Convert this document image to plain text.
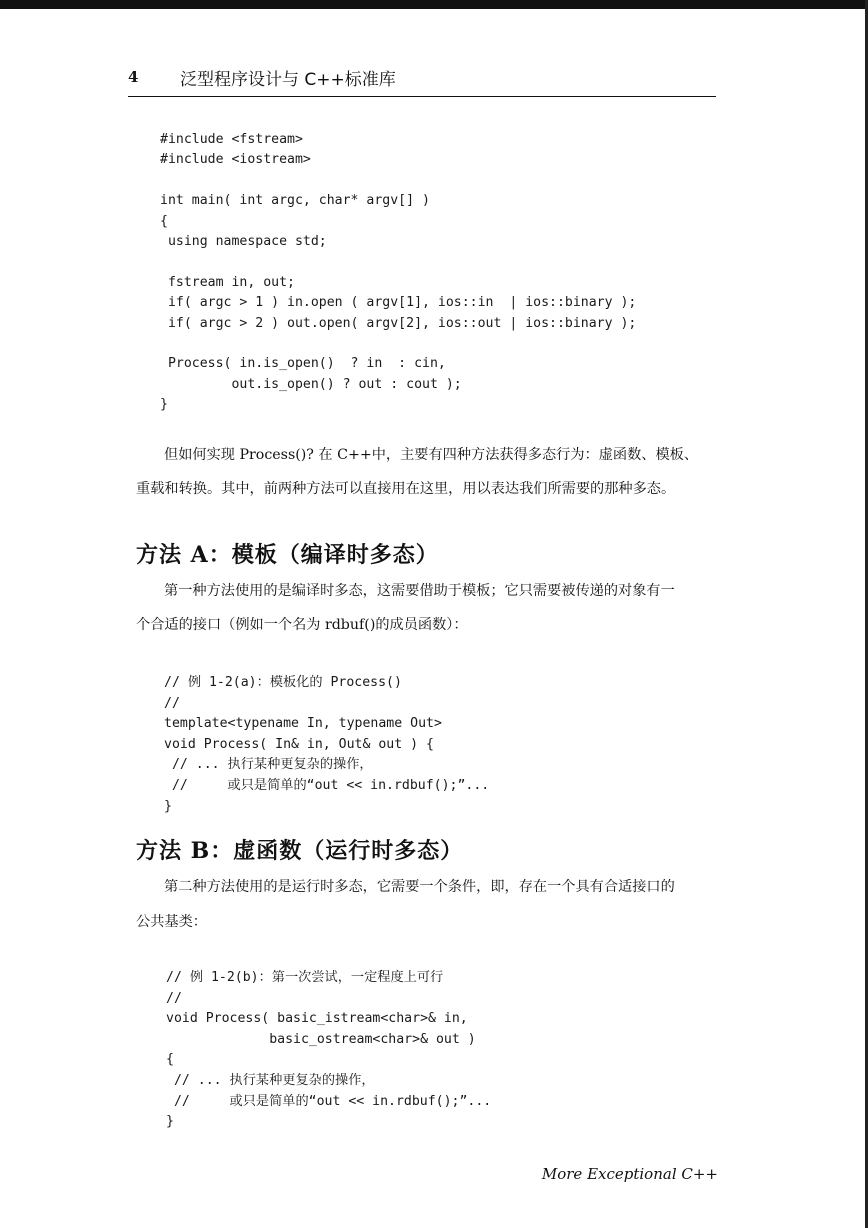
4 泛型程序设计与 C++标准库
#include <fstream>
#include <iostream>

int main( int argc, char* argv[] )
{
using namespace std;

fstream in, out;
if( argc > 1 ) in.open ( argv[1], ios::in  | ios::binary );
if( argc > 2 ) out.open( argv[2], ios::out | ios::binary );

Process( in.is_open()  ? in  : cin,
out.is_open() ? out : cout );
}

但如何实现 Process()? 在 C++中，主要有四种方法获得多态行为：虚函数、模板、

重载和转换。其中，前两种方法可以直接用在这里，用以表达我们所需要的那种多态。

方法 A：模板（编译时多态）

第一种方法使用的是编译时多态，这需要借助于模板；它只需要被传递的对象有一

个合适的接口（例如一个名为 rdbuf()的成员函数）：

// 例 1-2(a)：模板化的 Process()
//
template<typename In, typename Out>
void Process( In& in, Out& out ) {
// ... 执行某种更复杂的操作，
//     或只是简单的“out << in.rdbuf();”...
}
方法 B：虚函数（运行时多态）

第二种方法使用的是运行时多态，它需要一个条件，即，存在一个具有合适接口的

公共基类：

// 例 1-2(b)：第一次尝试，一定程度上可行
//
void Process( basic_istream<char>& in,
basic_ostream<char>& out )
{
// ... 执行某种更复杂的操作，
//     或只是简单的“out << in.rdbuf();”...
}
More Exceptional C++
